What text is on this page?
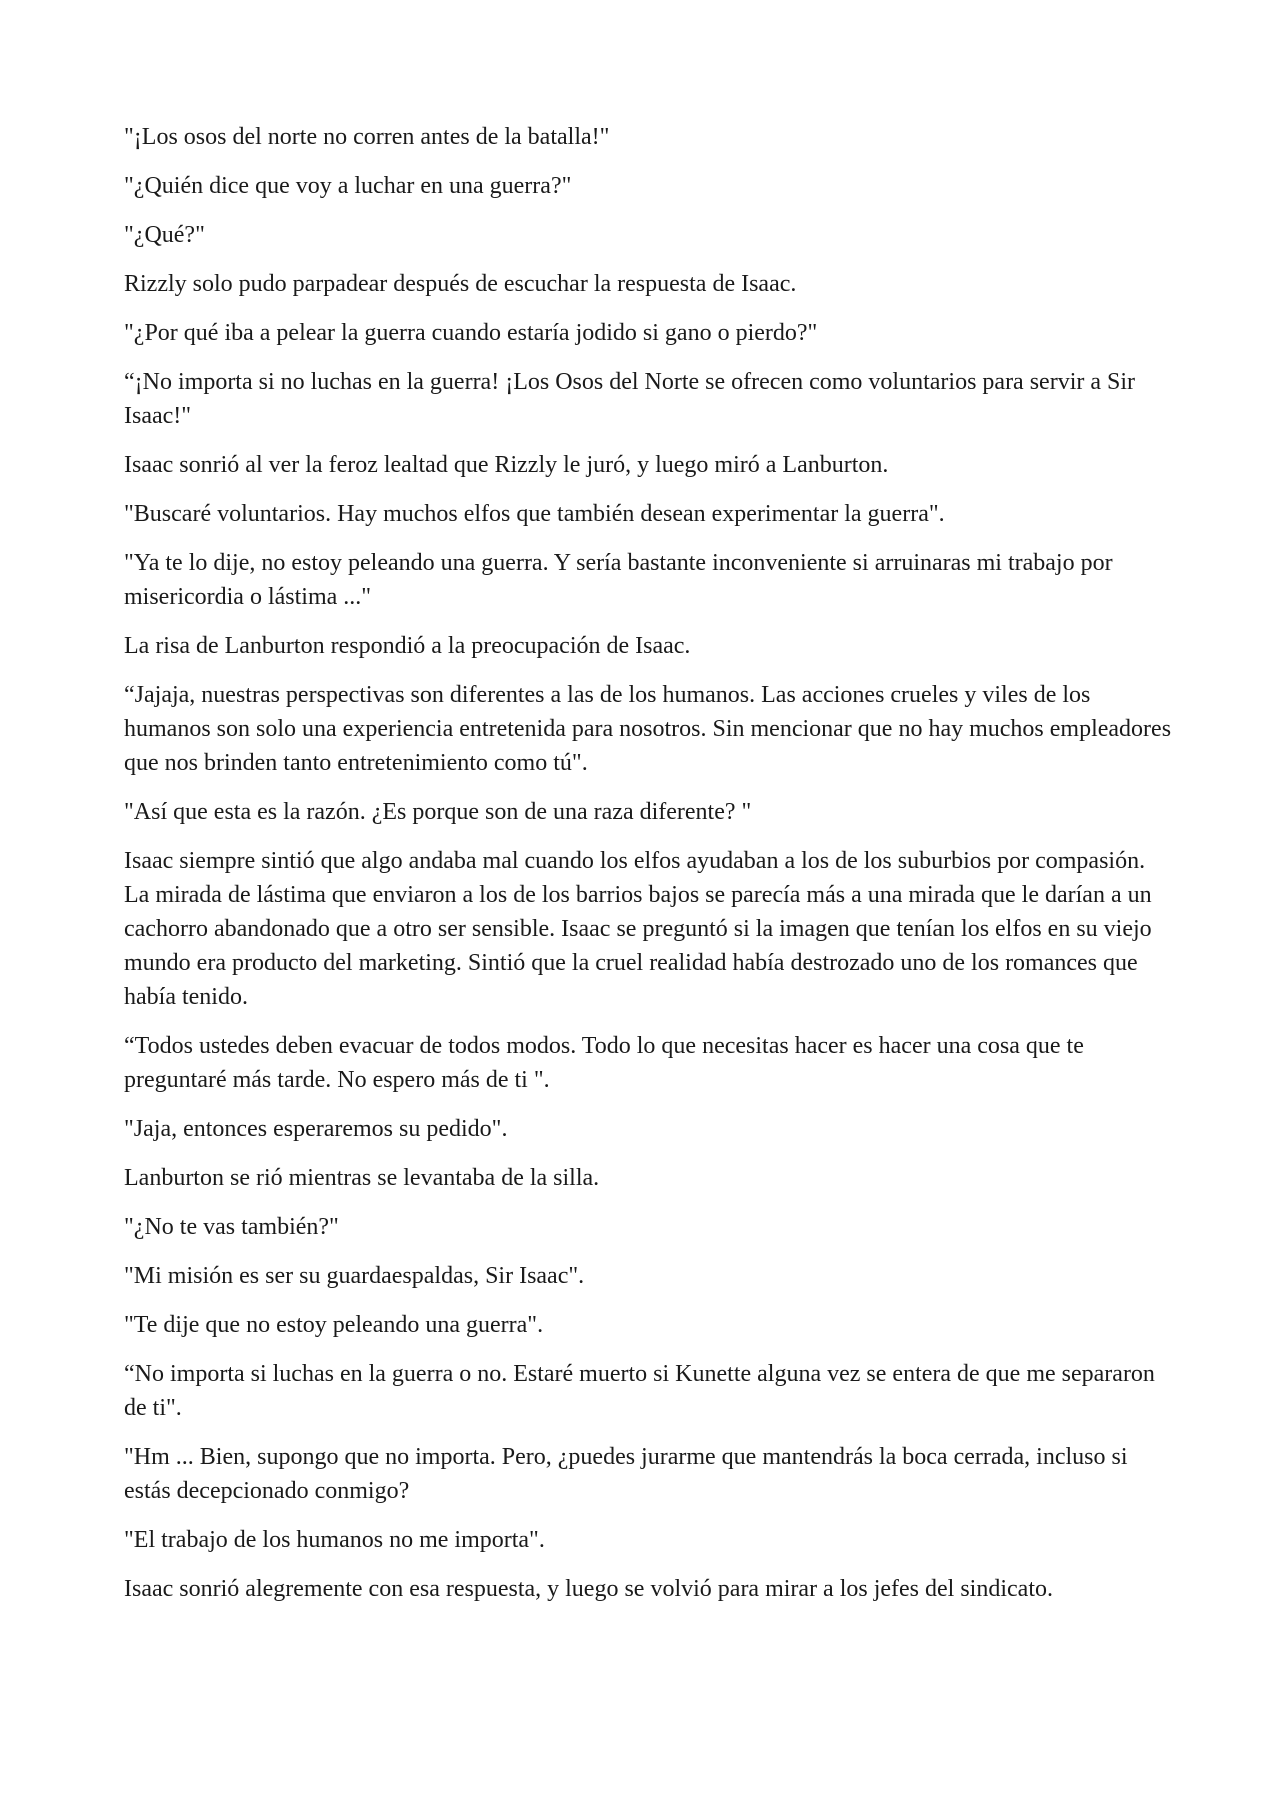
"¡Los osos del norte no corren antes de la batalla!"

"¿Quién dice que voy a luchar en una guerra?"

"¿Qué?"

Rizzly solo pudo parpadear después de escuchar la respuesta de Isaac.

"¿Por qué iba a pelear la guerra cuando estaría jodido si gano o pierdo?"

“¡No importa si no luchas en la guerra! ¡Los Osos del Norte se ofrecen como voluntarios para servir a Sir Isaac!"

Isaac sonrió al ver la feroz lealtad que Rizzly le juró, y luego miró a Lanburton.

"Buscaré voluntarios. Hay muchos elfos que también desean experimentar la guerra".

"Ya te lo dije, no estoy peleando una guerra. Y sería bastante inconveniente si arruinaras mi trabajo por misericordia o lástima ..."

La risa de Lanburton respondió a la preocupación de Isaac.

“Jajaja, nuestras perspectivas son diferentes a las de los humanos. Las acciones crueles y viles de los humanos son solo una experiencia entretenida para nosotros. Sin mencionar que no hay muchos empleadores que nos brinden tanto entretenimiento como tú".

"Así que esta es la razón. ¿Es porque son de una raza diferente? "

Isaac siempre sintió que algo andaba mal cuando los elfos ayudaban a los de los suburbios por compasión. La mirada de lástima que enviaron a los de los barrios bajos se parecía más a una mirada que le darían a un cachorro abandonado que a otro ser sensible. Isaac se preguntó si la imagen que tenían los elfos en su viejo mundo era producto del marketing. Sintió que la cruel realidad había destrozado uno de los romances que había tenido.

“Todos ustedes deben evacuar de todos modos. Todo lo que necesitas hacer es hacer una cosa que te preguntaré más tarde. No espero más de ti ".

"Jaja, entonces esperaremos su pedido".

Lanburton se rió mientras se levantaba de la silla.

"¿No te vas también?"

"Mi misión es ser su guardaespaldas, Sir Isaac".

"Te dije que no estoy peleando una guerra".

“No importa si luchas en la guerra o no. Estaré muerto si Kunette alguna vez se entera de que me separaron de ti".

"Hm ... Bien, supongo que no importa. Pero, ¿puedes jurarme que mantendrás la boca cerrada, incluso si estás decepcionado conmigo?

"El trabajo de los humanos no me importa".

Isaac sonrió alegremente con esa respuesta, y luego se volvió para mirar a los jefes del sindicato.
